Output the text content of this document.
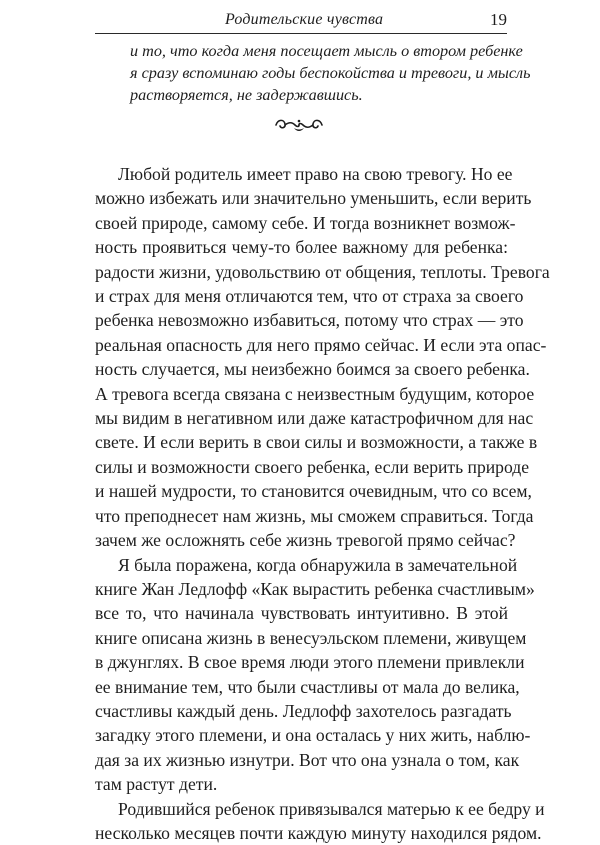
Родительские чувства	19

и то, что когда меня посещает мысль о втором ребенке
я сразу вспоминаю годы беспокойства и тревоги, и мысль
растворяется, не задержавшись.

Любой родитель имеет право на свою тревогу. Но ее
можно избежать или значительно уменьшить, если верить
своей природе, самому себе. И тогда возникнет возмож-
ность проявиться чему-то более важному для ребенка:
радости жизни, удовольствию от общения, теплоты. Тревога
и страх для меня отличаются тем, что от страха за своего
ребенка невозможно избавиться, потому что страх — это
реальная опасность для него прямо сейчас. И если эта опас-
ность случается, мы неизбежно боимся за своего ребенка.
А тревога всегда связана с неизвестным будущим, которое
мы видим в негативном или даже катастрофичном для нас
свете. И если верить в свои силы и возможности, а также в
силы и возможности своего ребенка, если верить природе
и нашей мудрости, то становится очевидным, что со всем,
что преподнесет нам жизнь, мы сможем справиться. Тогда
зачем же осложнять себе жизнь тревогой прямо сейчас?
Я была поражена, когда обнаружила в замечательной
книге Жан Ледлофф «Как вырастить ребенка счастливым»
все то, что начинала чувствовать интуитивно. В этой
книге описана жизнь в венесуэльском племени, живущем
в джунглях. В свое время люди этого племени привлекли
ее внимание тем, что были счастливы от мала до велика,
счастливы каждый день. Ледлофф захотелось разгадать
загадку этого племени, и она осталась у них жить, наблю-
дая за их жизнью изнутри. Вот что она узнала о том, как
там растут дети.
Родившийся ребенок привязывался матерью к ее бедру и
несколько месяцев почти каждую минуту находился рядом.
